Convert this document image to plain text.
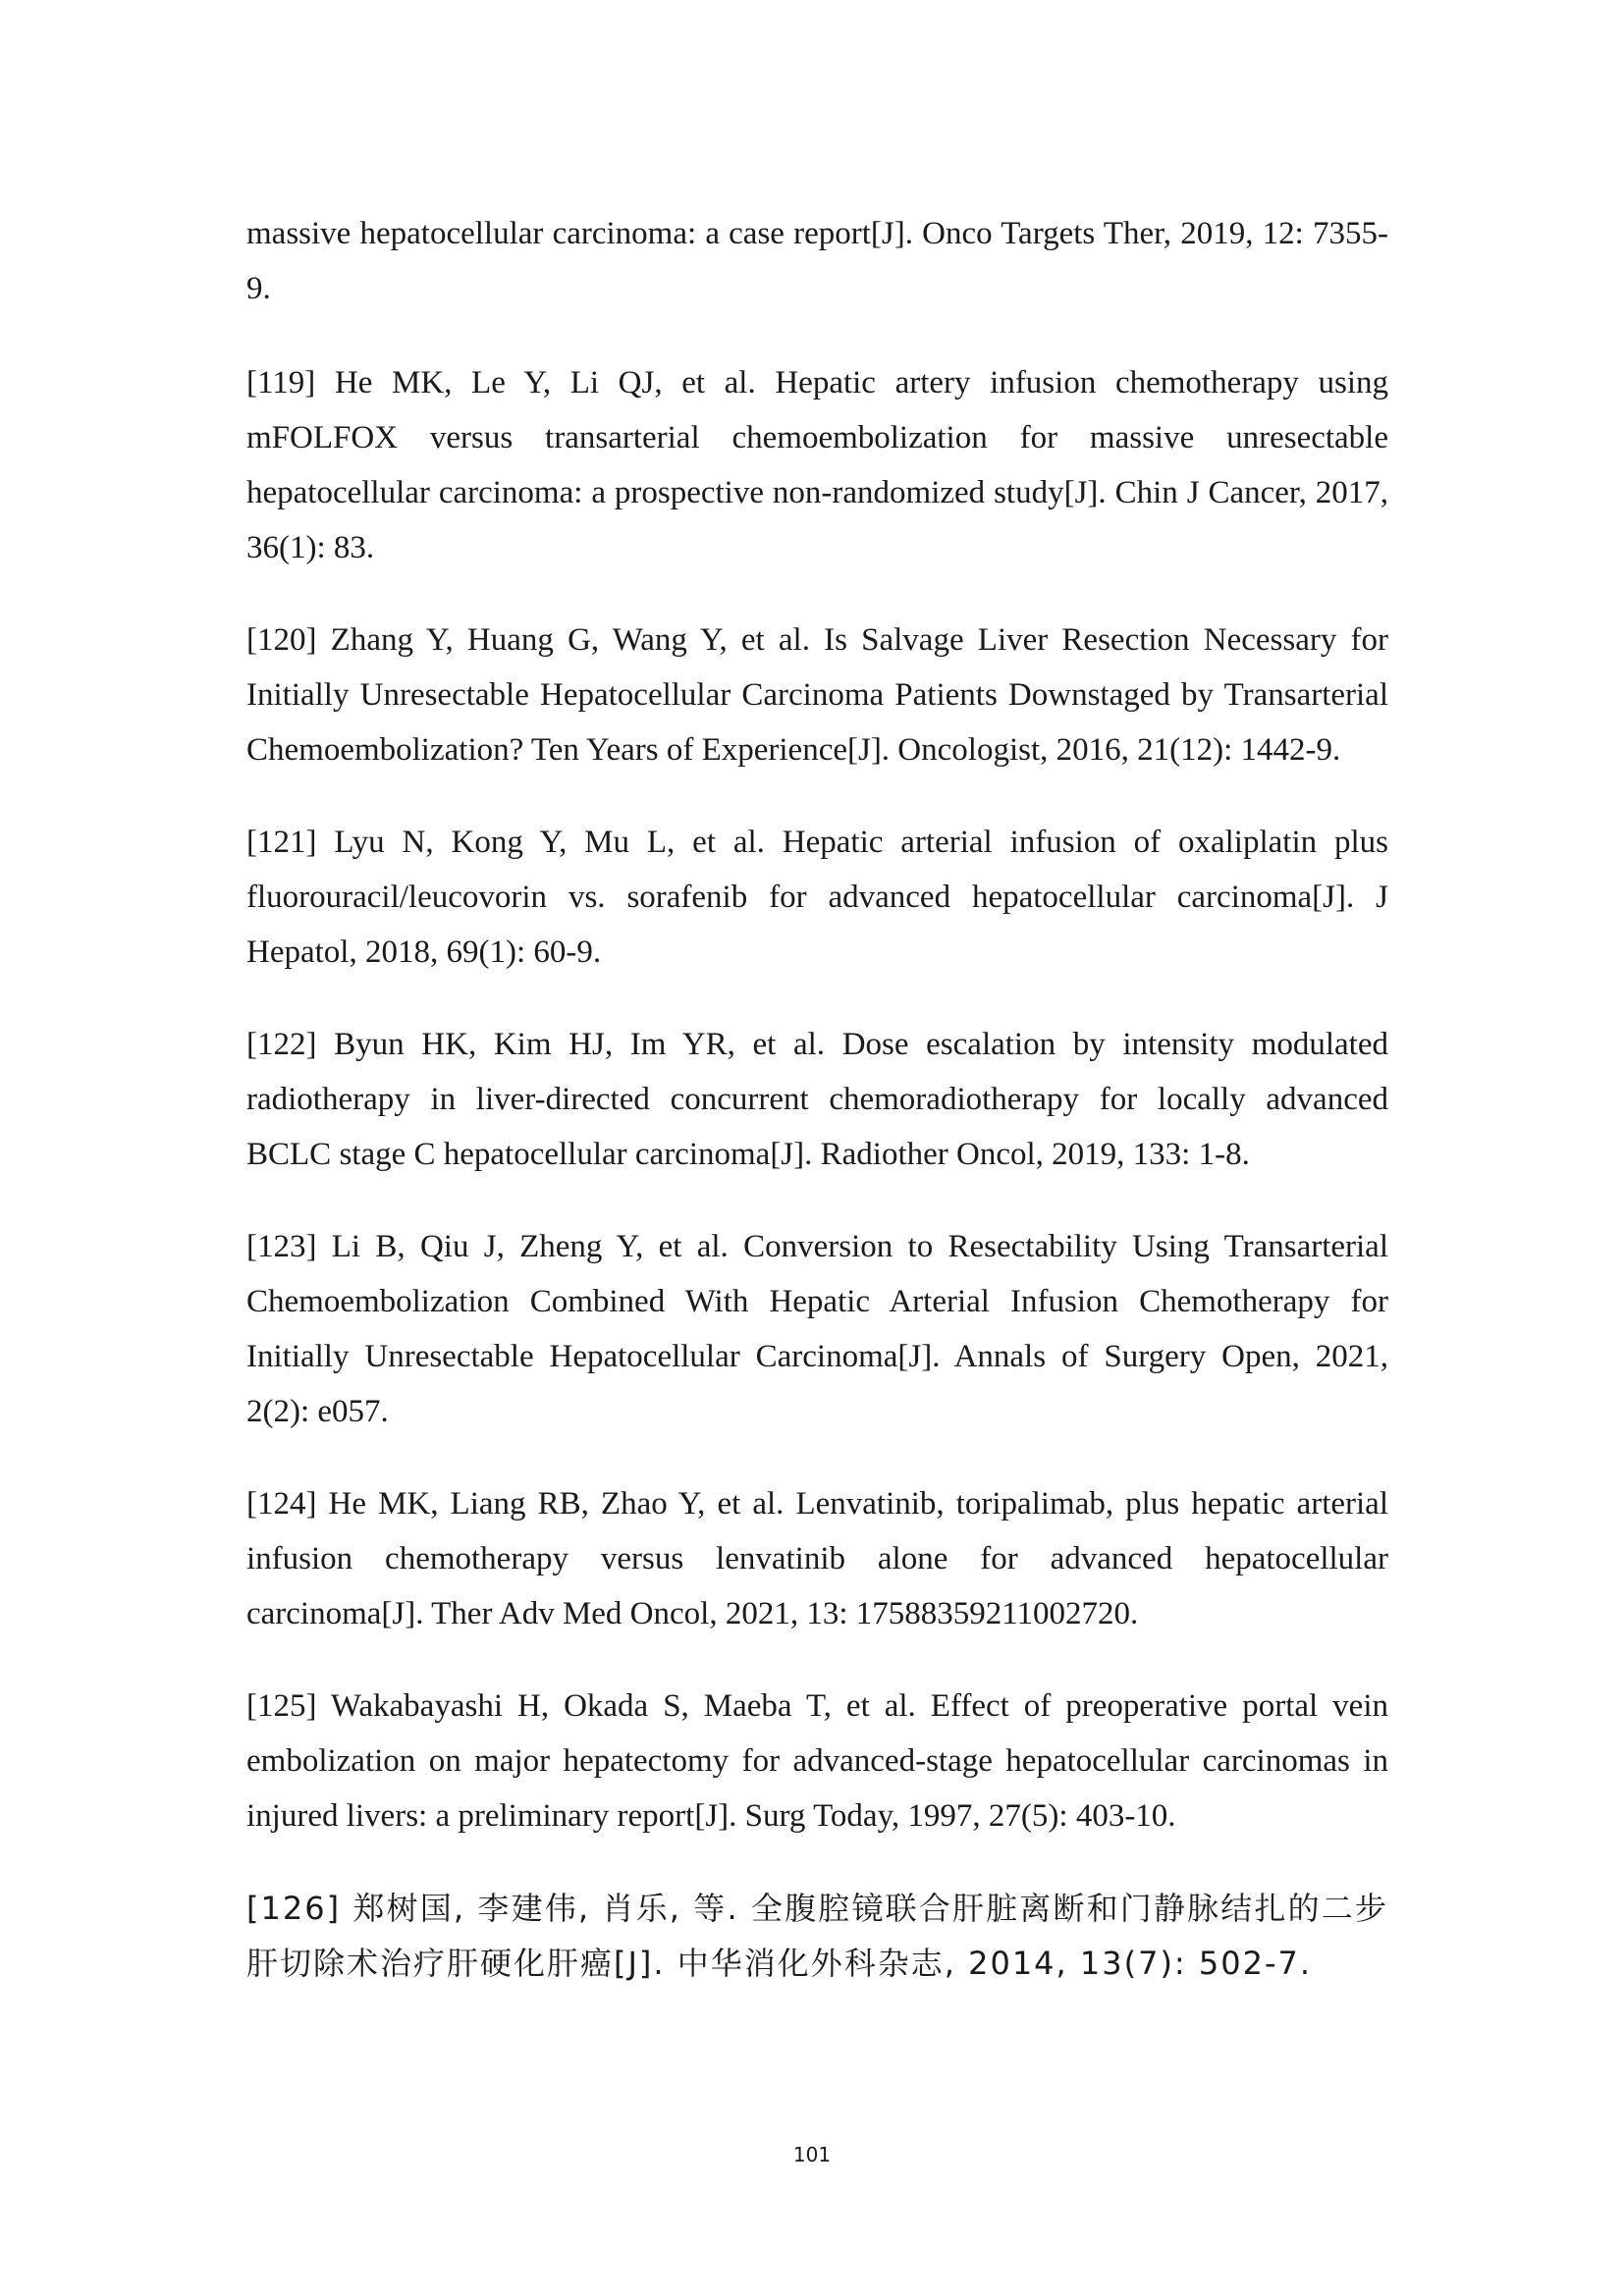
massive hepatocellular carcinoma: a case report[J]. Onco Targets Ther, 2019, 12: 7355-9.

[119] He MK, Le Y, Li QJ, et al. Hepatic artery infusion chemotherapy using mFOLFOX versus transarterial chemoembolization for massive unresectable hepatocellular carcinoma: a prospective non-randomized study[J]. Chin J Cancer, 2017, 36(1): 83.

[120] Zhang Y, Huang G, Wang Y, et al. Is Salvage Liver Resection Necessary for Initially Unresectable Hepatocellular Carcinoma Patients Downstaged by Transarterial Chemoembolization? Ten Years of Experience[J]. Oncologist, 2016, 21(12): 1442-9.

[121] Lyu N, Kong Y, Mu L, et al. Hepatic arterial infusion of oxaliplatin plus fluorouracil/leucovorin vs. sorafenib for advanced hepatocellular carcinoma[J]. J Hepatol, 2018, 69(1): 60-9.

[122] Byun HK, Kim HJ, Im YR, et al. Dose escalation by intensity modulated radiotherapy in liver-directed concurrent chemoradiotherapy for locally advanced BCLC stage C hepatocellular carcinoma[J]. Radiother Oncol, 2019, 133: 1-8.

[123] Li B, Qiu J, Zheng Y, et al. Conversion to Resectability Using Transarterial Chemoembolization Combined With Hepatic Arterial Infusion Chemotherapy for Initially Unresectable Hepatocellular Carcinoma[J]. Annals of Surgery Open, 2021, 2(2): e057.

[124] He MK, Liang RB, Zhao Y, et al. Lenvatinib, toripalimab, plus hepatic arterial infusion chemotherapy versus lenvatinib alone for advanced hepatocellular carcinoma[J]. Ther Adv Med Oncol, 2021, 13: 17588359211002720.

[125] Wakabayashi H, Okada S, Maeba T, et al. Effect of preoperative portal vein embolization on major hepatectomy for advanced-stage hepatocellular carcinomas in injured livers: a preliminary report[J]. Surg Today, 1997, 27(5): 403-10.

[126] 郑树国, 李建伟, 肖乐, 等. 全腹腔镜联合肝脏离断和门静脉结扎的二步肝切除术治疗肝硬化肝癌[J]. 中华消化外科杂志, 2014, 13(7): 502-7.

101
